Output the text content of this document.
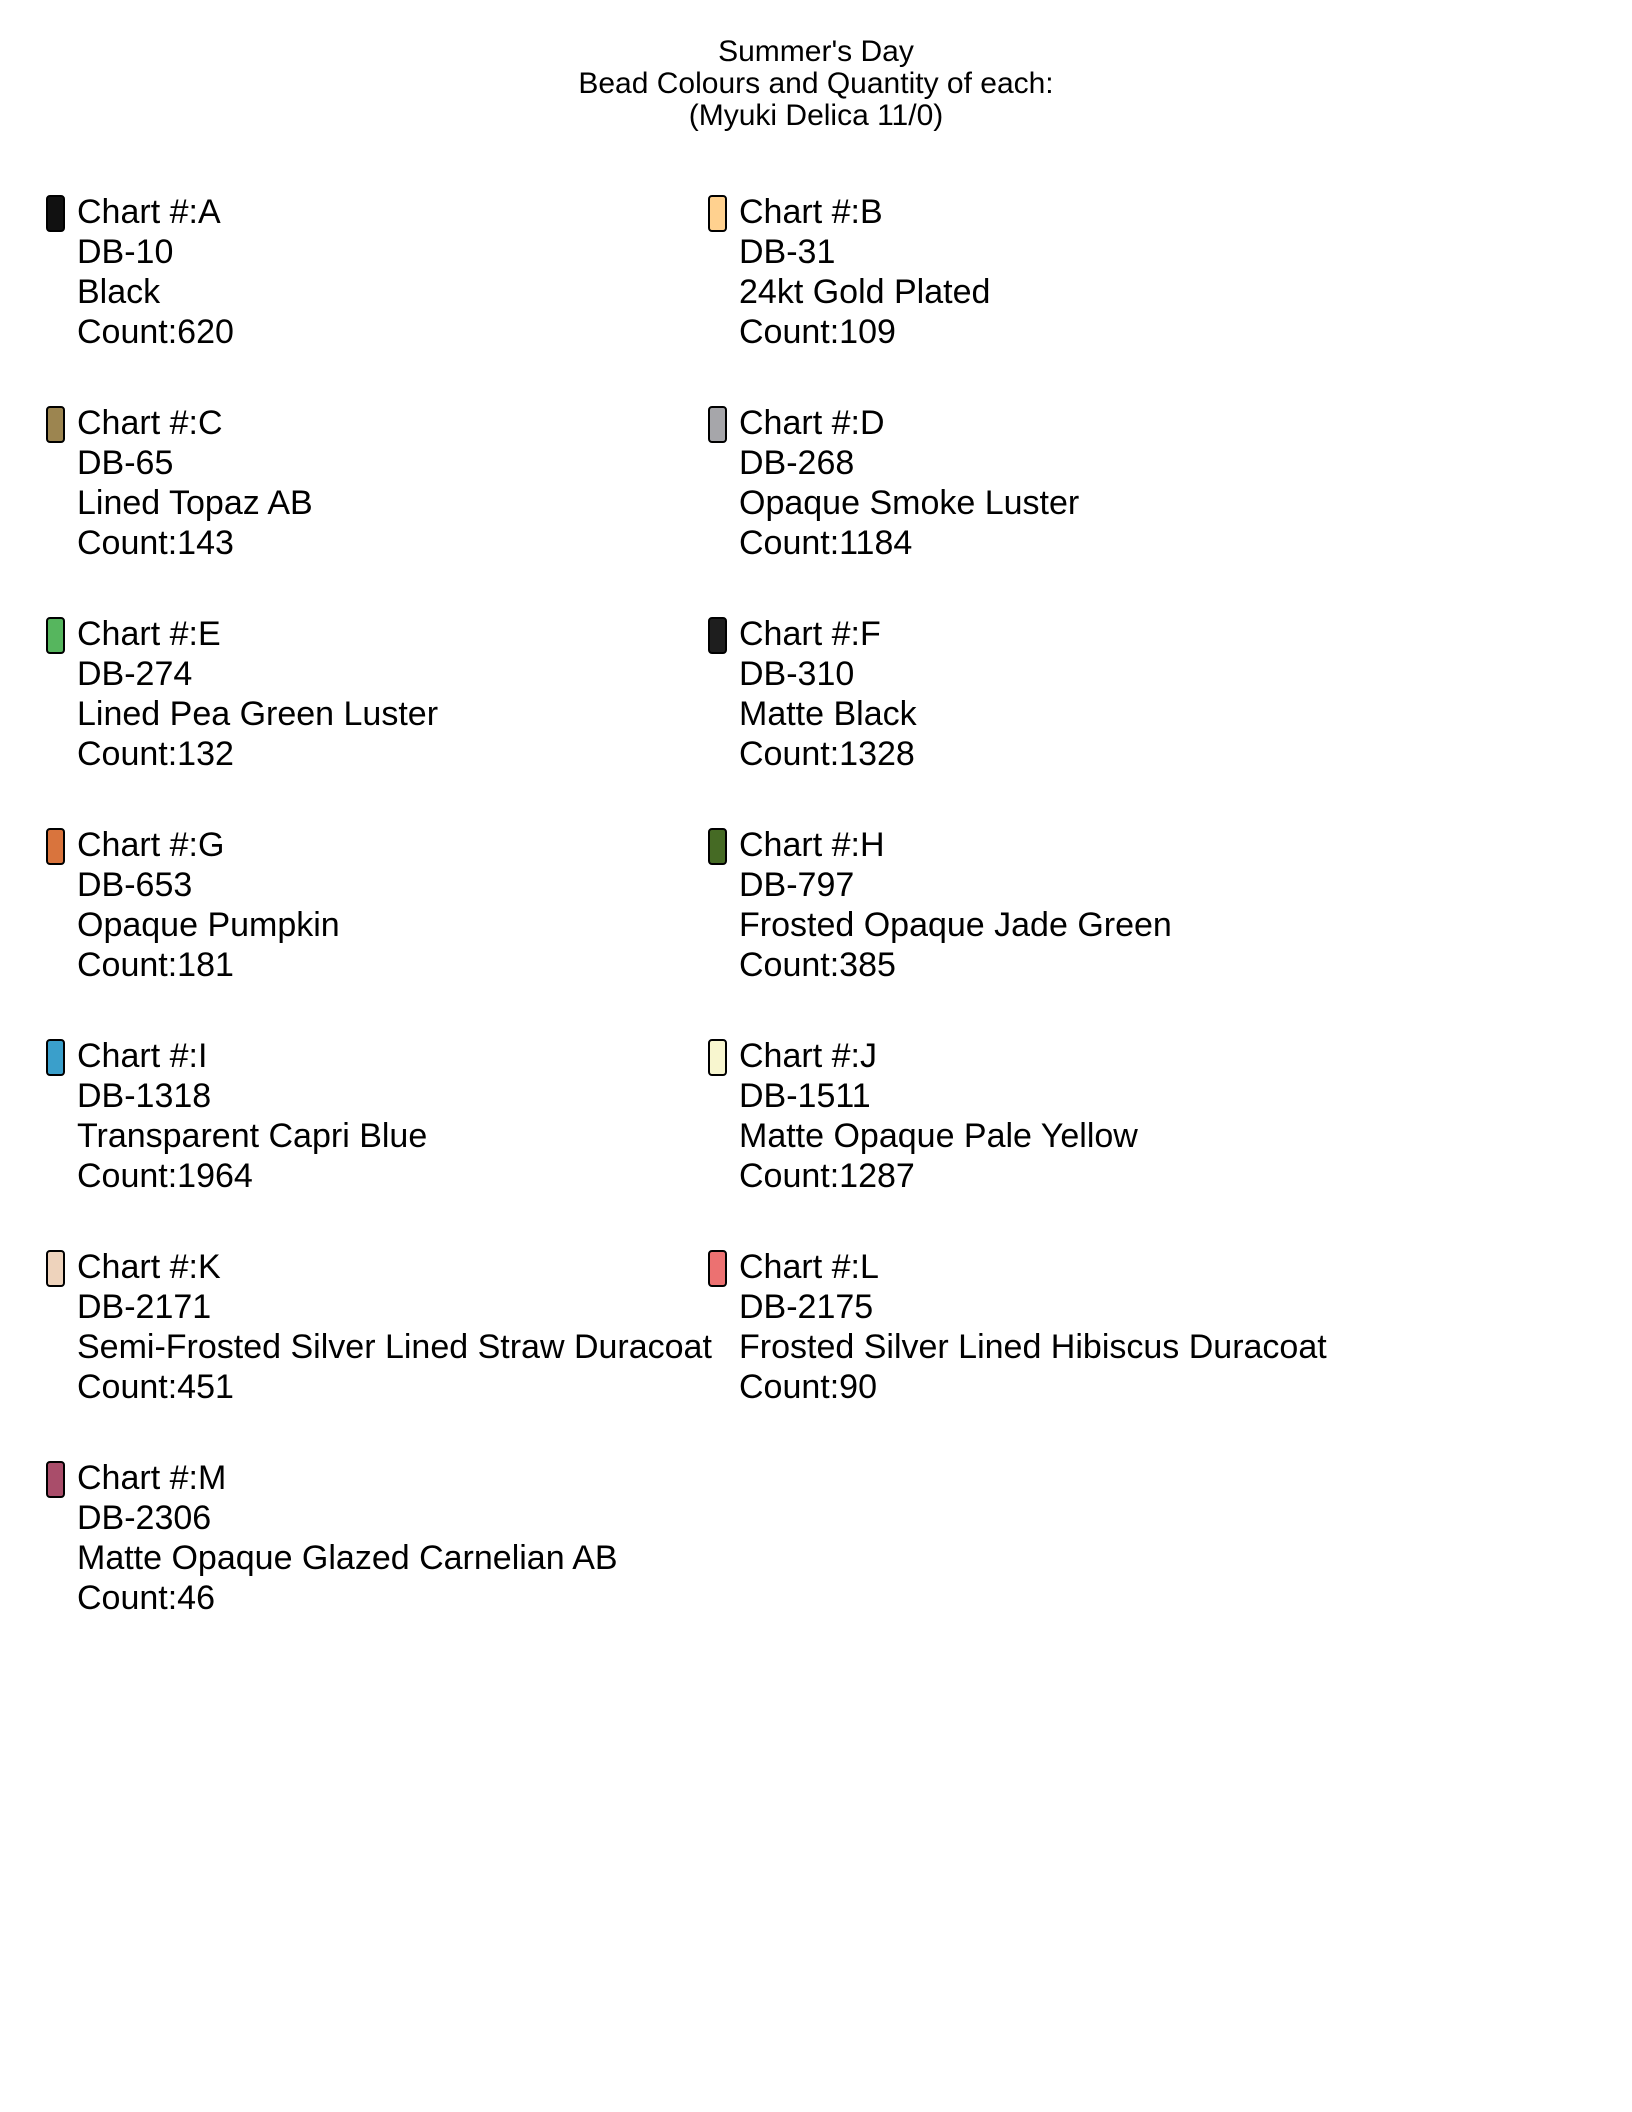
Summer's Day
Bead Colours and Quantity of each:
(Myuki Delica 11/0)
Chart #:A
DB-10
Black
Count:620
Chart #:B
DB-31
24kt Gold Plated
Count:109
Chart #:C
DB-65
Lined Topaz AB
Count:143
Chart #:D
DB-268
Opaque Smoke Luster
Count:1184
Chart #:E
DB-274
Lined Pea Green Luster
Count:132
Chart #:F
DB-310
Matte Black
Count:1328
Chart #:G
DB-653
Opaque Pumpkin
Count:181
Chart #:H
DB-797
Frosted Opaque Jade Green
Count:385
Chart #:I
DB-1318
Transparent Capri Blue
Count:1964
Chart #:J
DB-1511
Matte Opaque Pale Yellow
Count:1287
Chart #:K
DB-2171
Semi-Frosted Silver Lined Straw Duracoat
Count:451
Chart #:L
DB-2175
Frosted Silver Lined Hibiscus Duracoat
Count:90
Chart #:M
DB-2306
Matte Opaque Glazed Carnelian AB
Count:46
